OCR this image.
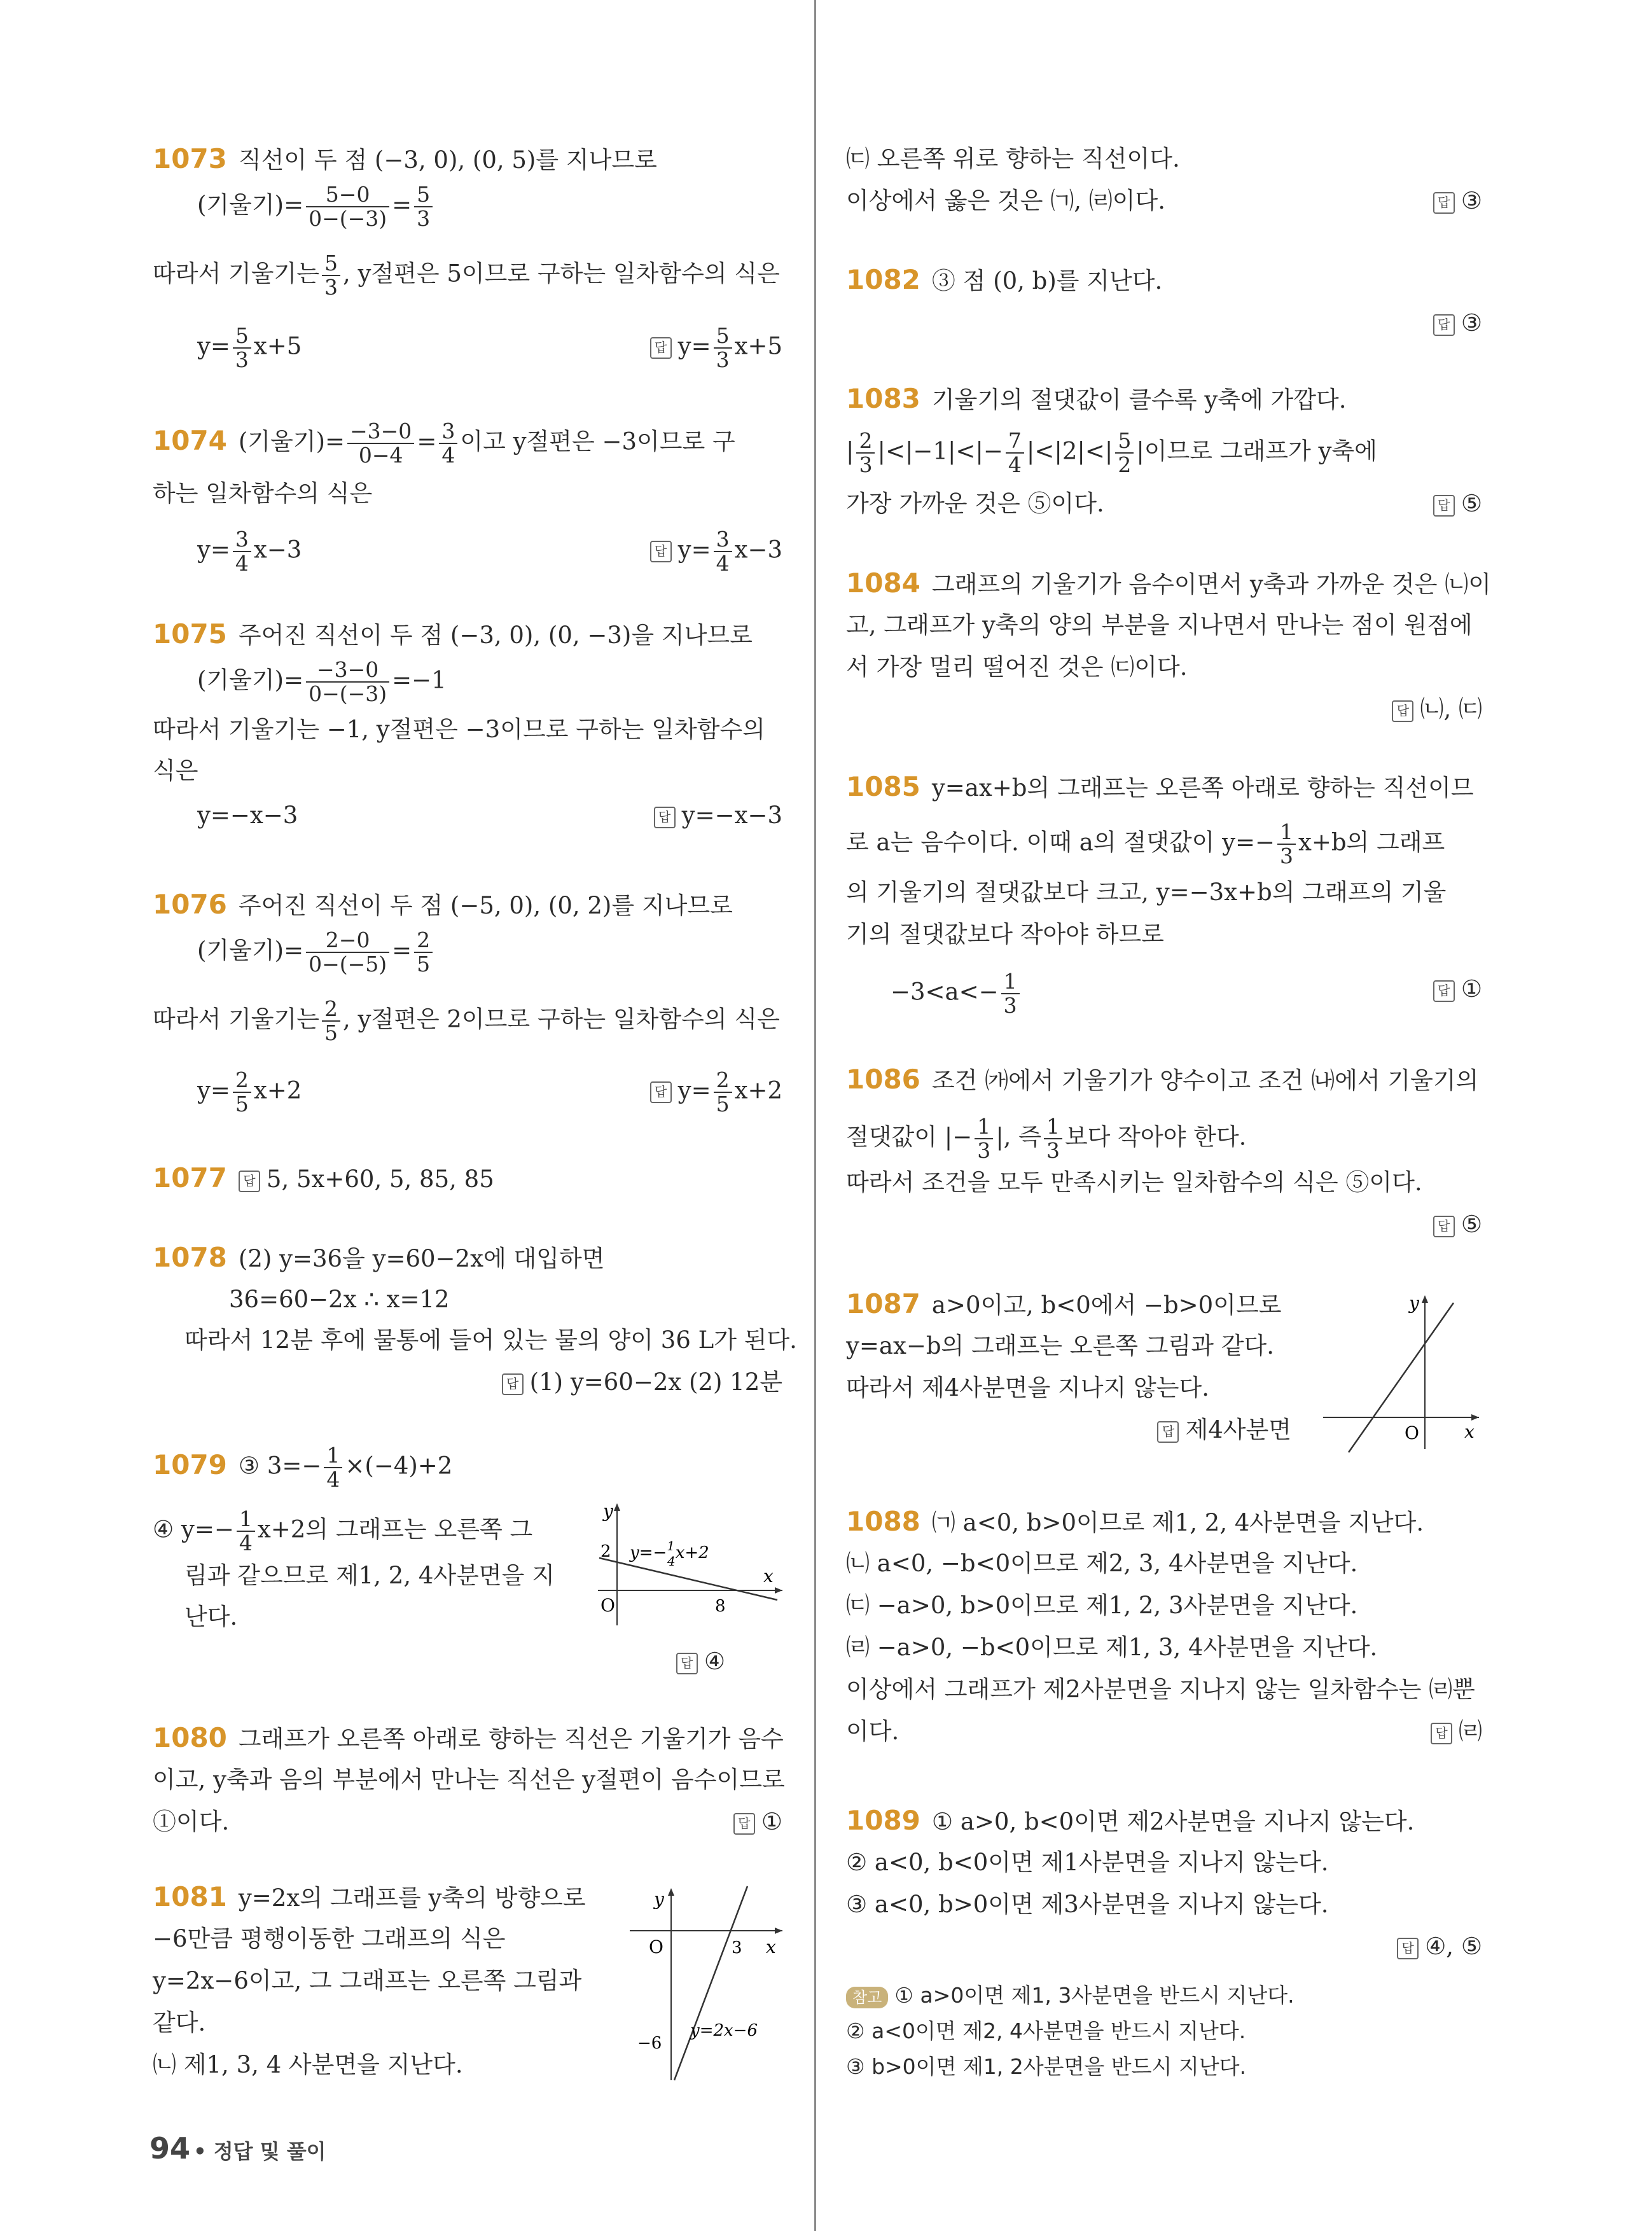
1073 직선이 두 점 (−3, 0), (0, 5)를 지나므로
(기울기)= $\frac{5-0}{0-(-3)} = \frac{5}{3}$
따라서 기울기는 $\frac{5}{3}$ , y절편은 5이므로 구하는 일차함수의 식은
$y= \frac{5}{3} x+5$	답 $y= \frac{5}{3} x+5$
1074 (기울기)= $\frac{-3-0}{0-4} = \frac{3}{4}$ 이고 y절편은 −3이므로 구
하는 일차함수의 식은
$y= \frac{3}{4} x-3$	답 $y= \frac{3}{4} x-3$
1075 주어진 직선이 두 점 (−3, 0), (0, −3)을 지나므로
(기울기)= $\frac{-3-0}{0-(-3)} =-1$
따라서 기울기는 −1, y절편은 −3이므로 구하는 일차함수의
식은
y=−x−3	답 y=−x−3
1076 주어진 직선이 두 점 (−5, 0), (0, 2)를 지나므로
(기울기)= $\frac{2-0}{0-(-5)} = \frac{2}{5}$
따라서 기울기는 $\frac{2}{5}$ , y절편은 2이므로 구하는 일차함수의 식은
$y= \frac{2}{5} x+2$	답 $y= \frac{2}{5} x+2$
1077 답 5, 5x+60, 5, 85, 85
1078 (2) y=36을 y=60−2x에 대입하면
36=60−2x ∴ x=12
따라서 12분 후에 물통에 들어 있는 물의 양이 36 L가 된다.
답 (1) y=60−2x (2) 12분
1079 ③ $3=- \frac{1}{4} \times(-4)+2$
④ $y=- \frac{1}{4} x+2$의 그래프는 오른쪽 그
림과 같으므로 제1, 2, 4사분면을 지
난다.
y
x
O
2
8
y=−$^1$ 4x+2
답 ④
1080 그래프가 오른쪽 아래로 향하는 직선은 기울기가 음수
이고, y축과 음의 부분에서 만나는 직선은 y절편이 음수이므로
①이다.	답 ①
1081 y=2x의 그래프를 y축의 방향으로
−6만큼 평행이동한 그래프의 식은
y=2x−6이고, 그 그래프는 오른쪽 그림과
같다.
㈁ 제1, 3, 4 사분면을 지난다.
y
x
O	3
−6
y=2x−6
㈂ 오른쪽 위로 향하는 직선이다.
이상에서 옳은 것은 ㈀, ㈃이다.	답 ③
1082 ③ 점 (0, b)를 지난다.
답 ③
1083 기울기의 절댓값이 클수록 y축에 가깝다.
| $\frac{2}{3} |<|-1|<|- \frac{7}{4} |<|2|<| \frac{5}{2}$ |이므로 그래프가 y축에
가장 가까운 것은 ⑤이다.	답 ⑤
1084 그래프의 기울기가 음수이면서 y축과 가까운 것은 ㈁이
고, 그래프가 y축의 양의 부분을 지나면서 만나는 점이 원점에
서 가장 멀리 떨어진 것은 ㈂이다.
답 ㈁, ㈂
1085 y=ax+b의 그래프는 오른쪽 아래로 향하는 직선이므
로 a는 음수이다. 이때 a의 절댓값이 $y=- \frac{1}{3} x+b$의 그래프
의 기울기의 절댓값보다 크고, y=−3x+b의 그래프의 기울
기의 절댓값보다 작아야 하므로
$-3<a<- \frac{1}{3}$	답 ①
1086 조건 ㈎에서 기울기가 양수이고 조건 ㈏에서 기울기의
절댓값이 |− $\frac{1}{3}$ |, 즉 $\frac{1}{3}$ 보다 작아야 한다.
따라서 조건을 모두 만족시키는 일차함수의 식은 ⑤이다.
답 ⑤
1087 a>0이고, b<0에서 −b>0이므로
y=ax−b의 그래프는 오른쪽 그림과 같다.
따라서 제4사분면을 지나지 않는다.
답 제4사분면
y
x
O
1088 ㈀ a<0, b>0이므로 제1, 2, 4사분면을 지난다.
㈁ a<0, −b<0이므로 제2, 3, 4사분면을 지난다.
㈂ −a>0, b>0이므로 제1, 2, 3사분면을 지난다.
㈃ −a>0, −b<0이므로 제1, 3, 4사분면을 지난다.
이상에서 그래프가 제2사분면을 지나지 않는 일차함수는 ㈃뿐
이다.	답 ㈃
1089 ① a>0, b<0이면 제2사분면을 지나지 않는다.
② a<0, b<0이면 제1사분면을 지나지 않는다.
③ a<0, b>0이면 제3사분면을 지나지 않는다.
답 ④, ⑤
참고 ① a>0이면 제1, 3사분면을 반드시 지난다.
② a<0이면 제2, 4사분면을 반드시 지난다.
③ b>0이면 제1, 2사분면을 반드시 지난다.
94 • 정답 및 풀이
